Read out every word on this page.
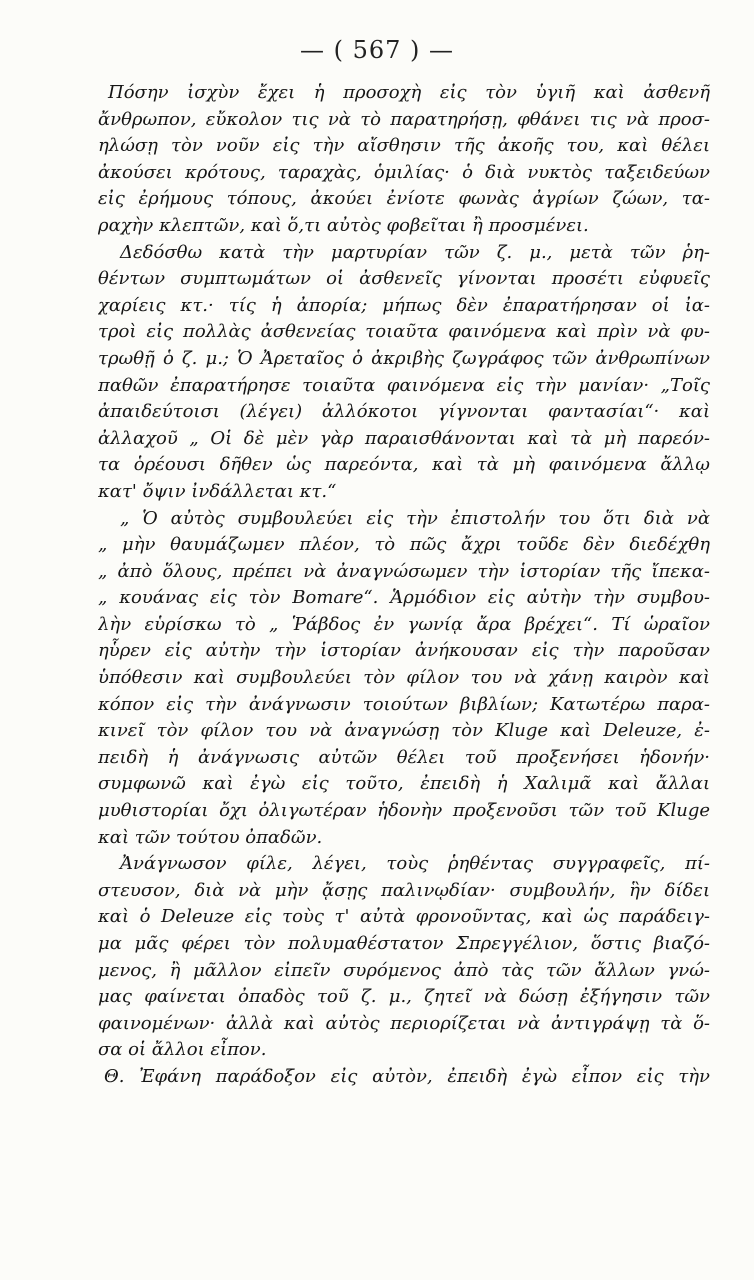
— ( 567 ) —
Πόσην ἰσχὺν ἔχει ἡ προσοχὴ εἰς τὸν ὑγιῆ καὶ ἀσθενῆ
ἄνθρωπον, εὔκολον τις νὰ τὸ παρατηρήσῃ, φθάνει τις νὰ προσ-
ηλώσῃ τὸν νοῦν εἰς τὴν αἴσθησιν τῆς ἀκοῆς του, καὶ θέλει
ἀκούσει κρότους, ταραχὰς, ὁμιλίας· ὁ διὰ νυκτὸς ταξειδεύων
εἰς ἐρήμους τόπους, ἀκούει ἐνίοτε φωνὰς ἀγρίων ζώων, τα-
ραχὴν κλεπτῶν, καὶ ὅ,τι αὐτὸς φοβεῖται ἢ προσμένει.
Δεδόσθω κατὰ τὴν μαρτυρίαν τῶν ζ. μ., μετὰ τῶν ῥη-
θέντων συμπτωμάτων οἱ ἀσθενεῖς γίνονται προσέτι εὐφυεῖς
χαρίεις κτ.· τίς ἡ ἀπορία; μήπως δὲν ἐπαρατήρησαν οἱ ἰα-
τροὶ εἰς πολλὰς ἀσθενείας τοιαῦτα φαινόμενα καὶ πρὶν νὰ φυ-
τρωθῇ ὁ ζ. μ.; Ὁ Ἀρεταῖος ὁ ἀκριβὴς ζωγράφος τῶν ἀνθρωπίνων
παθῶν ἐπαρατήρησε τοιαῦτα φαινόμενα εἰς τὴν μανίαν· „Τοῖς
ἀπαιδεύτοισι (λέγει) ἀλλόκοτοι γίγνονται φαντασίαι“· καὶ
ἀλλαχοῦ „ Οἱ δὲ μὲν γὰρ παραισθάνονται καὶ τὰ μὴ παρεόν-
τα ὁρέουσι δῆθεν ὡς παρεόντα, καὶ τὰ μὴ φαινόμενα ἄλλῳ
κατ' ὄψιν ἰνδάλλεται κτ.“
„ Ὁ αὐτὸς συμβουλεύει εἰς τὴν ἐπιστολήν του ὅτι διὰ νὰ
„ μὴν θαυμάζωμεν πλέον, τὸ πῶς ἄχρι τοῦδε δὲν διεδέχθη
„ ἀπὸ ὅλους, πρέπει νὰ ἀναγνώσωμεν τὴν ἱστορίαν τῆς ἴπεκα-
„ κουάνας εἰς τὸν Bomare“. Ἁρμόδιον εἰς αὐτὴν τὴν συμβου-
λὴν εὑρίσκω τὸ „ Ῥάβδος ἐν γωνίᾳ ἄρα βρέχει“. Τί ὡραῖον
ηὗρεν εἰς αὐτὴν τὴν ἱστορίαν ἀνήκουσαν εἰς τὴν παροῦσαν
ὑπόθεσιν καὶ συμβουλεύει τὸν φίλον του νὰ χάνῃ καιρὸν καὶ
κόπον εἰς τὴν ἀνάγνωσιν τοιούτων βιβλίων; Κατωτέρω παρα-
κινεῖ τὸν φίλον του νὰ ἀναγνώσῃ τὸν Kluge καὶ Deleuze, ἐ-
πειδὴ ἡ ἀνάγνωσις αὐτῶν θέλει τοῦ προξενήσει ἡδονήν·
συμφωνῶ καὶ ἐγὼ εἰς τοῦτο, ἐπειδὴ ἡ Χαλιμᾶ καὶ ἄλλαι
μυθιστορίαι ὄχι ὀλιγωτέραν ἡδονὴν προξενοῦσι τῶν τοῦ Kluge
καὶ τῶν τούτου ὀπαδῶν.
Ἀνάγνωσον φίλε, λέγει, τοὺς ῥηθέντας συγγραφεῖς, πί-
στευσον, διὰ νὰ μὴν ᾄσῃς παλινῳδίαν· συμβουλήν, ἣν δίδει
καὶ ὁ Deleuze εἰς τοὺς τ' αὐτὰ φρονοῦντας, καὶ ὡς παράδειγ-
μα μᾶς φέρει τὸν πολυμαθέστατον Σπρεγγέλιον, ὅστις βιαζό-
μενος, ἢ μᾶλλον εἰπεῖν συρόμενος ἀπὸ τὰς τῶν ἄλλων γνώ-
μας φαίνεται ὀπαδὸς τοῦ ζ. μ., ζητεῖ νὰ δώσῃ ἐξήγησιν τῶν
φαινομένων· ἀλλὰ καὶ αὐτὸς περιορίζεται νὰ ἀντιγράψῃ τὰ ὅ-
σα οἱ ἄλλοι εἶπον.
Θ. Ἐφάνη παράδοξον εἰς αὐτὸν, ἐπειδὴ ἐγὼ εἶπον εἰς τὴν
